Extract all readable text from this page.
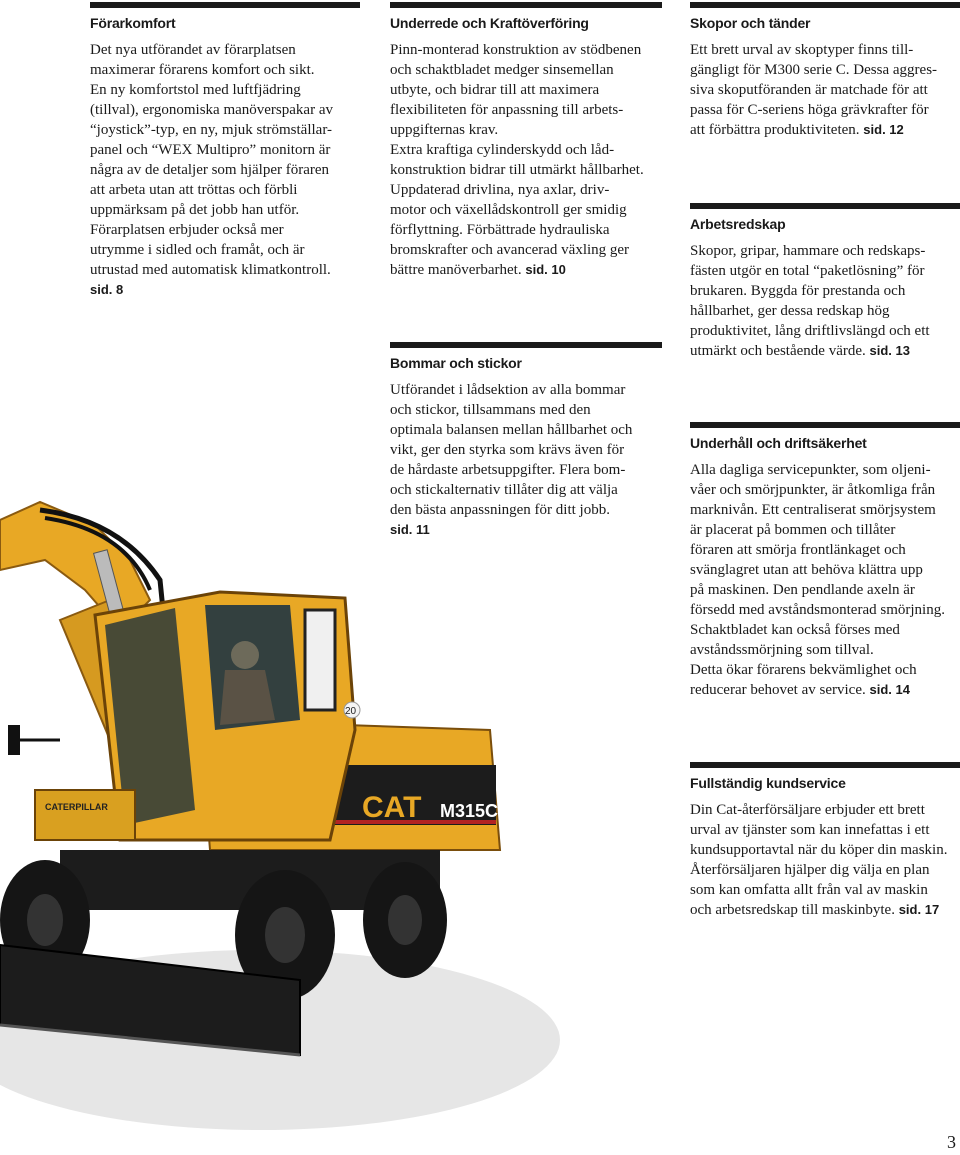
Förarkomfort

Det nya utförandet av förarplatsen

maximerar förarens komfort och sikt.

En ny komfortstol med luftfjädring

(tillval), ergonomiska manöverspakar av

“joystick”-typ, en ny, mjuk strömställar-

panel och “WEX Multipro” monitorn är

några av de detaljer som hjälper föraren

att arbeta utan att tröttas och förbli

uppmärksam på det jobb han utför.

Förarplatsen erbjuder också mer

utrymme i sidled och framåt, och är

utrustad med automatisk klimatkontroll.

sid. 8

Underrede och Kraftöverföring

Pinn-monterad konstruktion av stödbenen

och schaktbladet medger sinsemellan

utbyte, och bidrar till att maximera

flexibiliteten för anpassning till arbets-

uppgifternas krav.

Extra kraftiga cylinderskydd och låd-

konstruktion bidrar till utmärkt hållbarhet.

Uppdaterad drivlina, nya axlar, driv-

motor och växellådskontroll ger smidig

förflyttning. Förbättrade hydrauliska

bromskrafter och avancerad växling ger

bättre manöverbarhet. sid. 10

Bommar och stickor

Utförandet i lådsektion av alla bommar

och stickor, tillsammans med den

optimala balansen mellan hållbarhet och

vikt, ger den styrka som krävs även för

de hårdaste arbetsuppgifter. Flera bom-

och stickalternativ tillåter dig att välja

den bästa anpassningen för ditt jobb.

sid. 11

Skopor och tänder

Ett brett urval av skoptyper finns till-

gängligt för M300 serie C. Dessa aggres-

siva skoputföranden är matchade för att

passa för C-seriens höga grävkrafter för

att förbättra produktiviteten. sid. 12

Arbetsredskap

Skopor, gripar, hammare och redskaps-

fästen utgör en total “paketlösning” för

brukaren. Byggda för prestanda och

hållbarhet, ger dessa redskap hög

produktivitet, lång driftlivslängd och ett

utmärkt och bestående värde. sid. 13

Underhåll och driftsäkerhet

Alla dagliga servicepunkter, som oljeni-

våer och smörjpunkter, är åtkomliga från

marknivån. Ett centraliserat smörjsystem

är placerat på bommen och tillåter

föraren att smörja frontlänkaget och

svänglagret utan att behöva klättra upp

på maskinen. Den pendlande axeln är

försedd med avståndsmonterad smörjning.

Schaktbladet kan också förses med

avståndssmörjning som tillval.

Detta ökar förarens bekvämlighet och

reducerar behovet av service. sid. 14

Fullständig kundservice

Din Cat-återförsäljare erbjuder ett brett

urval av tjänster som kan innefattas i ett

kundsupportavtal när du köper din maskin.

Återförsäljaren hjälper dig välja en plan

som kan omfatta allt från val av maskin

och arbetsredskap till maskinbyte. sid. 17

CAT M315C
20
CATERPILLAR
3
